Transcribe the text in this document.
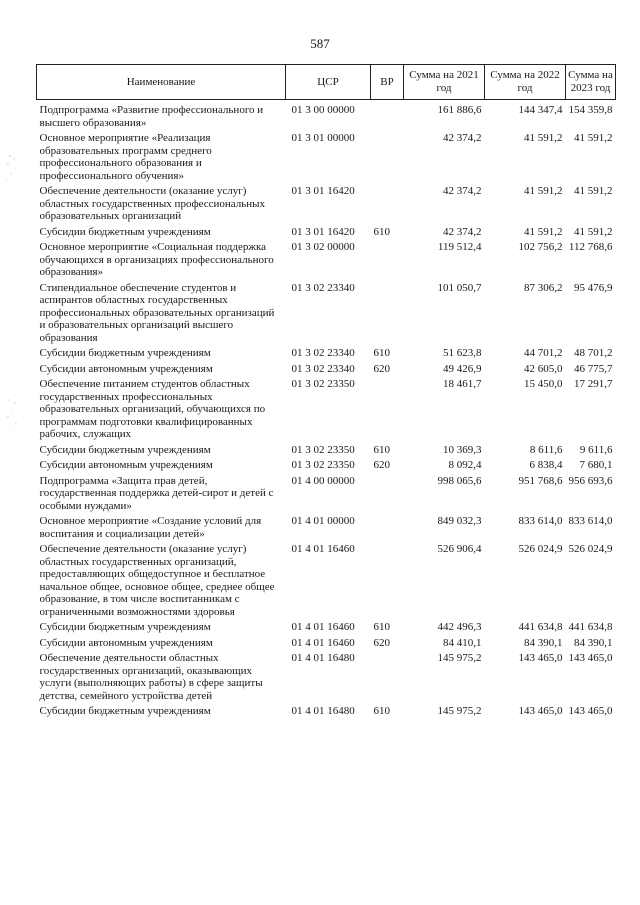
587
Наименование	ЦСР	ВР	Сумма на 2021 год	Сумма на 2022 год	Сумма на 2023 год

Подпрограмма «Развитие профессионального и высшего образования»	01 3 00 00000		161 886,6	144 347,4	154 359,8
Основное мероприятие «Реализация образовательных программ среднего профессионального образования и профессионального обучения»	01 3 01 00000		42 374,2	41 591,2	41 591,2
Обеспечение деятельности (оказание услуг) областных государственных профессиональных образовательных организаций	01 3 01 16420		42 374,2	41 591,2	41 591,2
Субсидии бюджетным учреждениям	01 3 01 16420	610	42 374,2	41 591,2	41 591,2
Основное мероприятие «Социальная поддержка обучающихся в организациях профессионального образования»	01 3 02 00000		119 512,4	102 756,2	112 768,6
Стипендиальное обеспечение студентов и аспирантов областных государственных профессиональных образовательных организаций и образовательных организаций высшего образования	01 3 02 23340		101 050,7	87 306,2	95 476,9
Субсидии бюджетным учреждениям	01 3 02 23340	610	51 623,8	44 701,2	48 701,2
Субсидии автономным учреждениям	01 3 02 23340	620	49 426,9	42 605,0	46 775,7
Обеспечение питанием студентов областных государственных профессиональных образовательных организаций, обучающихся по программам подготовки квалифицированных рабочих, служащих	01 3 02 23350		18 461,7	15 450,0	17 291,7
Субсидии бюджетным учреждениям	01 3 02 23350	610	10 369,3	8 611,6	9 611,6
Субсидии автономным учреждениям	01 3 02 23350	620	8 092,4	6 838,4	7 680,1
Подпрограмма «Защита прав детей, государственная поддержка детей-сирот и детей с особыми нуждами»	01 4 00 00000		998 065,6	951 768,6	956 693,6
Основное мероприятие «Создание условий для воспитания и социализации детей»	01 4 01 00000		849 032,3	833 614,0	833 614,0
Обеспечение деятельности (оказание услуг) областных государственных организаций, предоставляющих общедоступное и бесплатное начальное общее, основное общее, среднее общее образование, в том числе воспитанникам с ограниченными возможностями здоровья	01 4 01 16460		526 906,4	526 024,9	526 024,9
Субсидии бюджетным учреждениям	01 4 01 16460	610	442 496,3	441 634,8	441 634,8
Субсидии автономным учреждениям	01 4 01 16460	620	84 410,1	84 390,1	84 390,1
Обеспечение деятельности областных государственных организаций, оказывающих услуги (выполняющих работы) в сфере защиты детства, семейного устройства детей	01 4 01 16480		145 975,2	143 465,0	143 465,0
Субсидии бюджетным учреждениям	01 4 01 16480	610	145 975,2	143 465,0	143 465,0
